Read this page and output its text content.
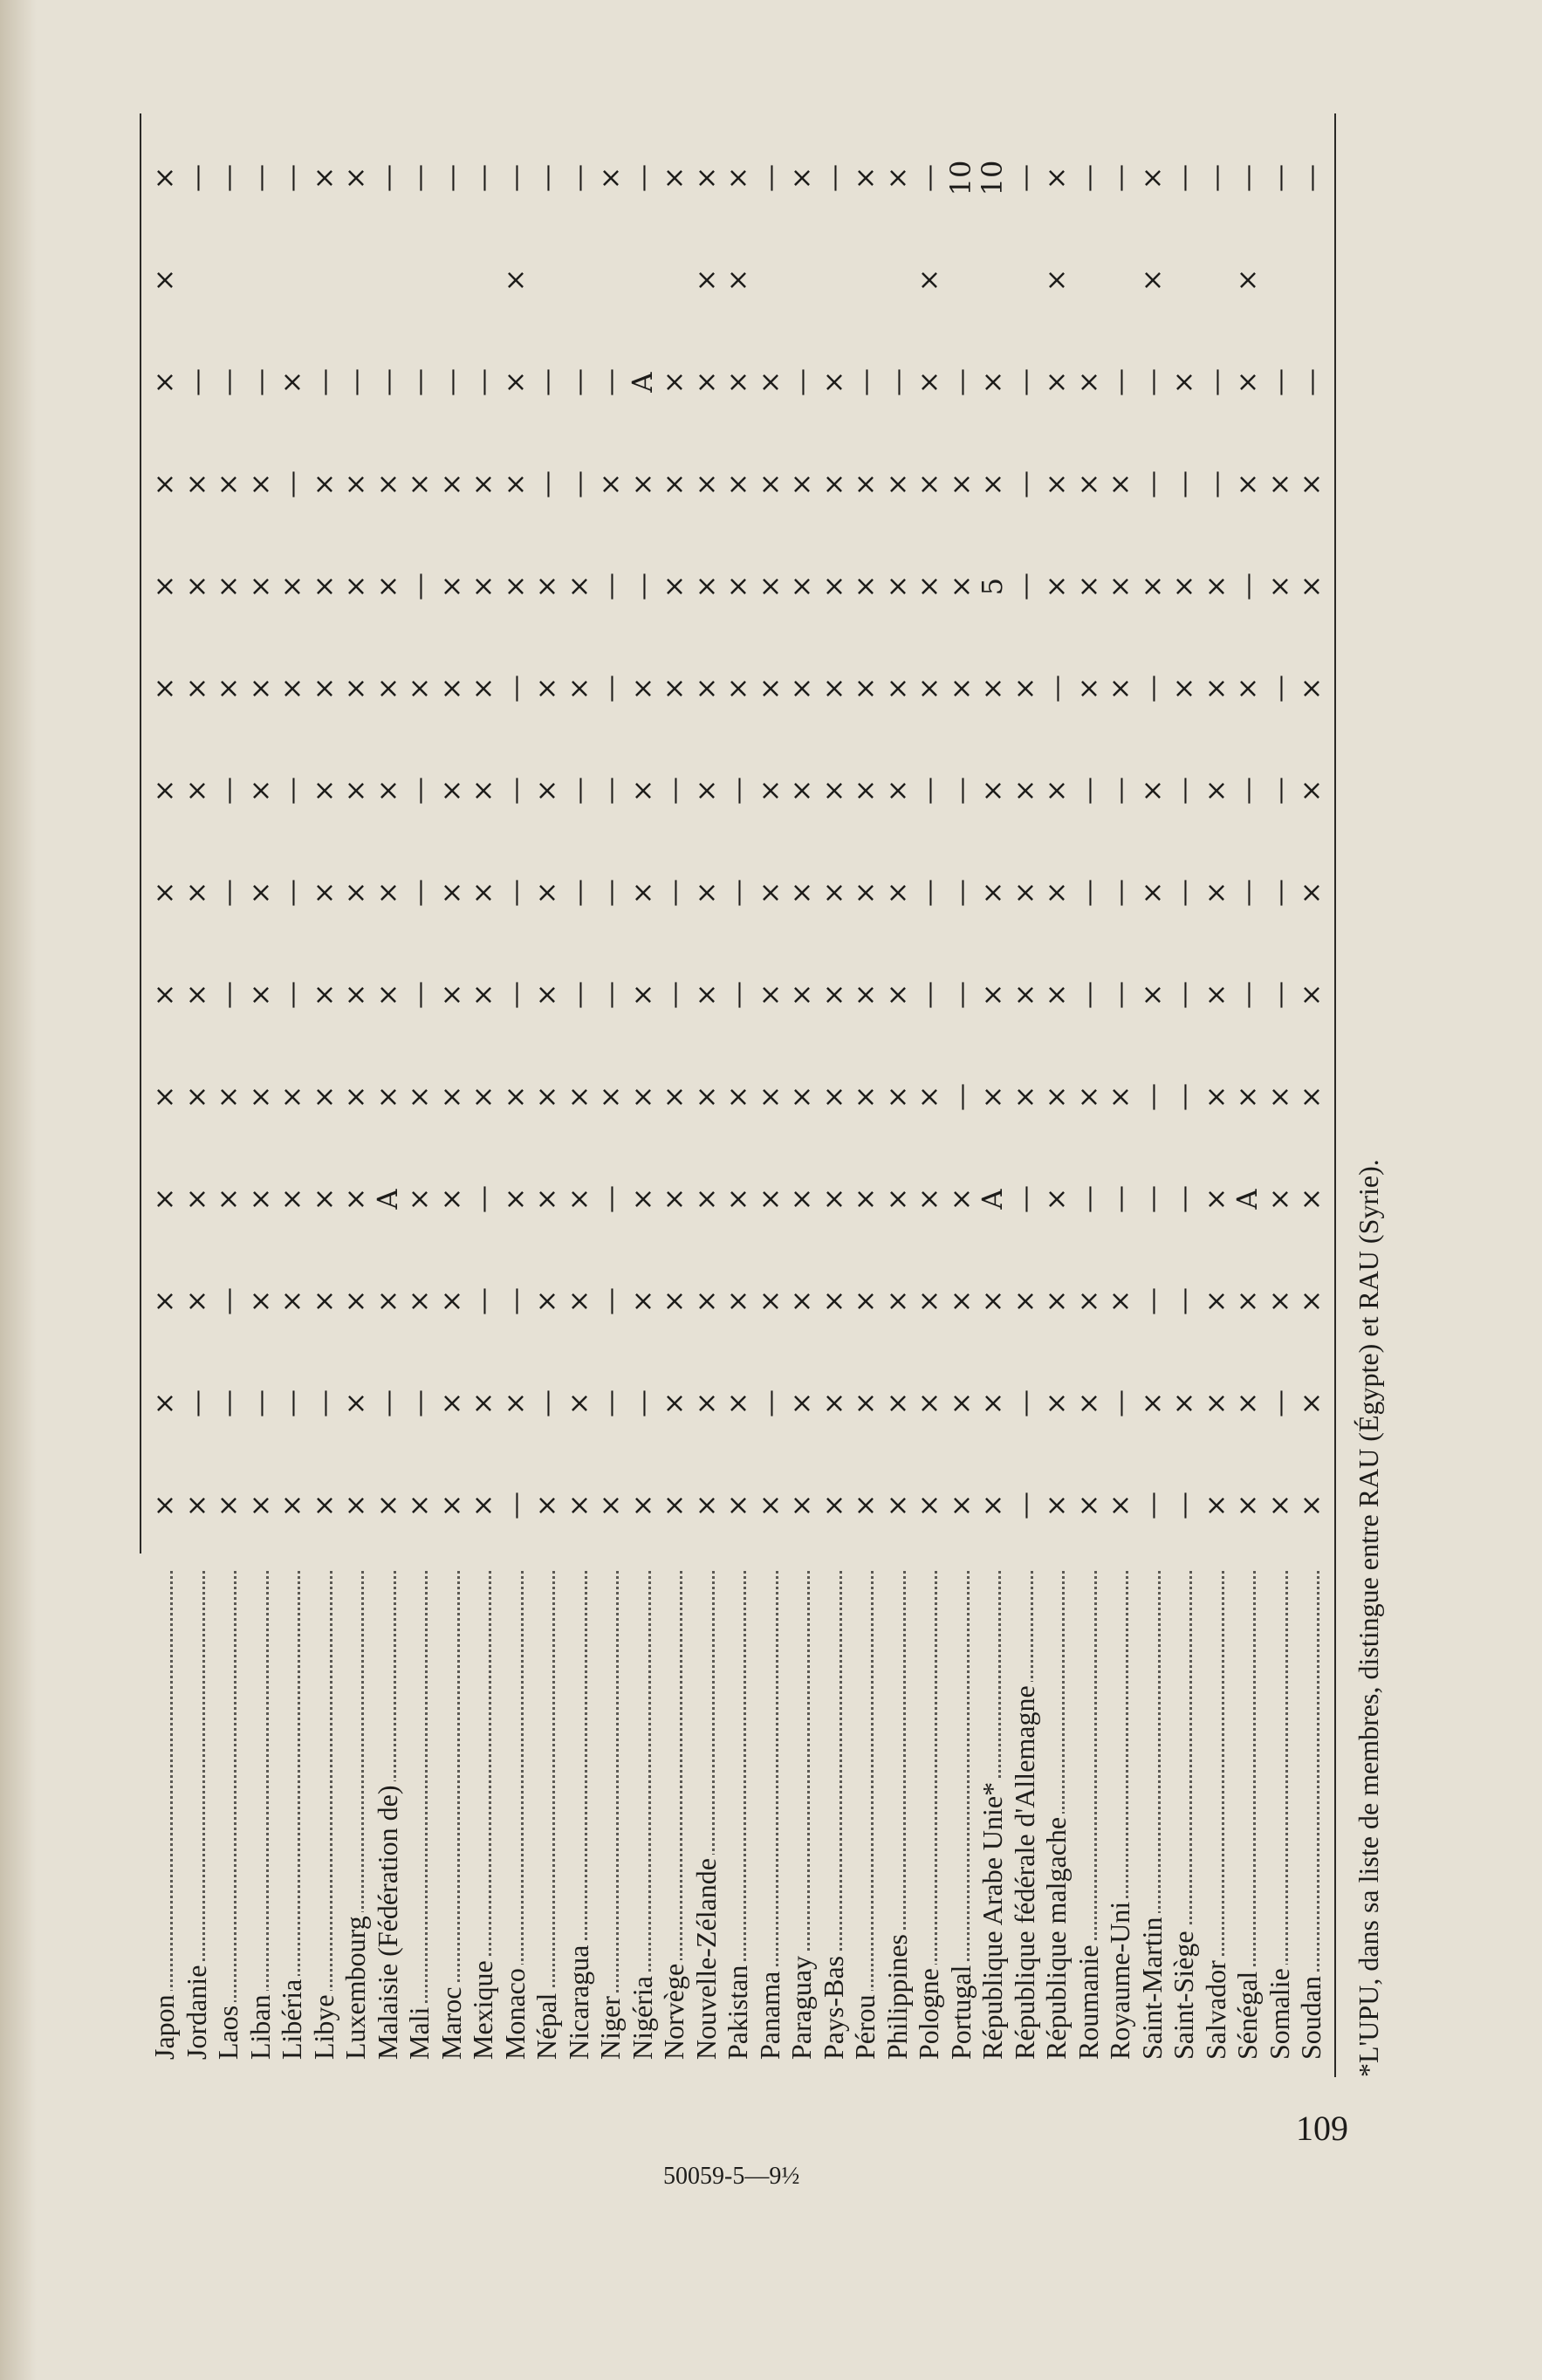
Japon
×
×
×
×
×
×
×
×
×
×
×
×
×
×
Jordanie
×
—
×
×
×
×
×
×
×
×
×
—
—
Laos
×
—
—
×
×
—
—
—
×
×
×
—
—
Liban
×
—
×
×
×
×
×
×
×
×
×
—
—
Libéria
×
—
×
×
×
—
—
—
×
×
—
×
—
Libye
×
—
×
×
×
×
×
×
×
×
×
—
×
Luxembourg
×
×
×
×
×
×
×
×
×
×
×
—
×
Malaisie (Fédération de)
×
—
×
A
×
×
×
×
×
×
×
—
—
Mali
×
—
×
×
×
—
—
—
×
—
×
—
—
Maroc
×
×
×
×
×
×
×
×
×
×
×
—
—
Mexique
×
×
—
—
×
×
×
×
×
×
×
—
—
Monaco
—
×
—
×
×
—
—
—
—
×
×
×
×
—
Népal
×
—
×
×
×
×
×
×
×
×
—
—
—
Nicaragua
×
×
×
×
×
—
—
—
×
×
—
—
—
Niger
×
—
—
—
×
—
—
—
—
—
×
—
×
Nigéria
×
—
×
×
×
×
×
×
×
—
×
A
—
Norvège
×
×
×
×
×
—
—
—
×
×
×
×
×
Nouvelle-Zélande
×
×
×
×
×
×
×
×
×
×
×
×
×
×
Pakistan
×
×
×
×
×
—
—
—
×
×
×
×
×
×
Panama
×
—
×
×
×
×
×
×
×
×
×
×
—
Paraguay
×
×
×
×
×
×
×
×
×
×
×
—
×
Pays-Bas
×
×
×
×
×
×
×
×
×
×
×
×
—
Pérou
×
×
×
×
×
×
×
×
×
×
×
—
×
Philippines
×
×
×
×
×
×
×
×
×
×
×
—
×
Pologne
×
×
×
×
×
—
—
—
×
×
×
×
×
—
Portugal
×
×
×
×
—
—
—
—
×
×
×
—
10
République Arabe Unie*
×
×
×
A
×
×
×
×
×
5
×
×
10
République fédérale d'Allemagne
—
—
×
—
×
×
×
×
×
—
—
—
—
République malgache
×
×
×
×
×
×
×
×
—
×
×
×
×
×
Roumanie
×
×
×
—
×
—
—
—
×
×
×
×
—
Royaume-Uni
×
—
×
—
×
—
—
—
×
×
×
—
—
Saint-Martin
—
×
—
—
—
×
×
×
—
×
—
—
×
×
Saint-Siège
—
×
—
—
—
—
—
—
×
×
—
×
—
Salvador
×
×
×
×
×
×
×
×
×
×
—
—
—
Sénégal
×
×
×
A
×
—
—
—
×
—
×
×
×
—
Somalie
×
—
×
×
×
—
—
—
—
×
×
—
—
Soudan
×
×
×
×
×
×
×
×
×
×
×
—
—
*L'UPU, dans sa liste de membres, distingue entre RAU (Égypte) et RAU (Syrie).
109
50059-5—9½
